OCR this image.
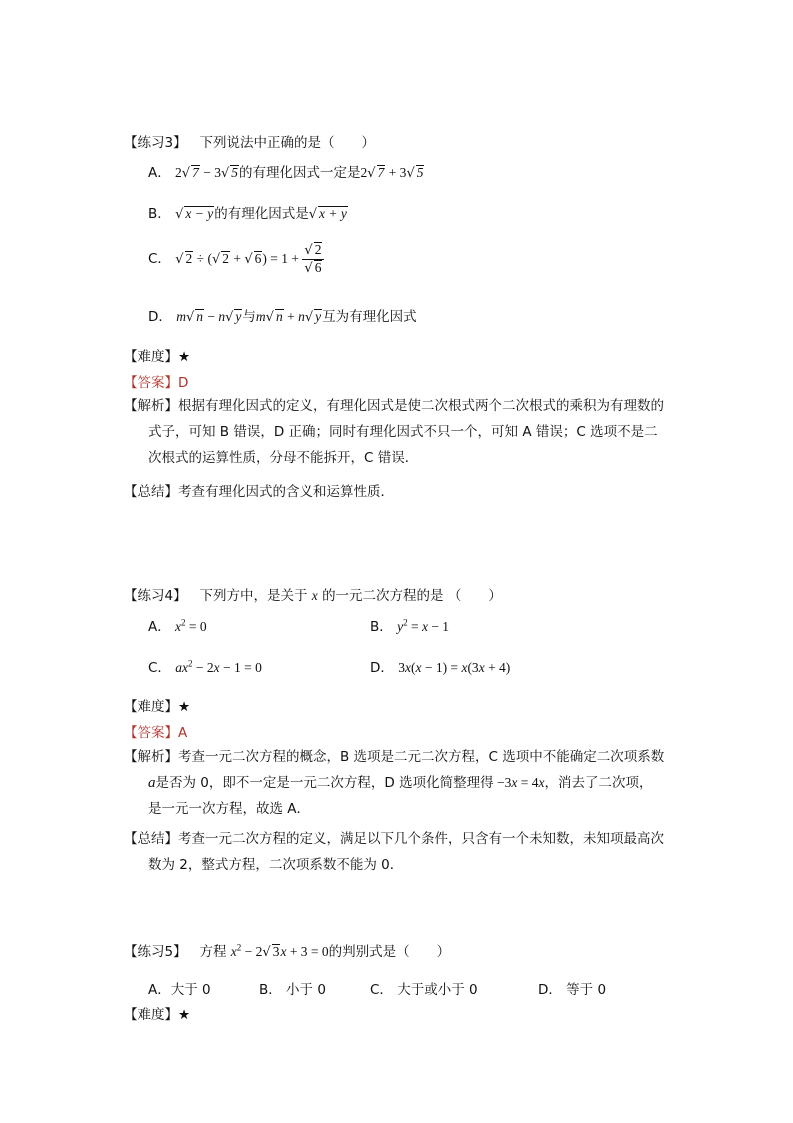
【练习3】 下列说法中正确的是（　　）
A． 2√ 7 − 3√ 5的有理化因式一定是2√ 7 + 3√ 5
B． √ x − y的有理化因式是√ x + y
C． √ 2 ÷ (√ 2 + √ $6) = 1 + \frac{√ 2}{√ 6}$
D． m√ n − n√ y与m√ n + n√ y互为有理化因式
【难度】★
【答案】D
【解析】根据有理化因式的定义，有理化因式是使二次根式两个二次根式的乘积为有理数的
式子，可知 B 错误，D 正确；同时有理化因式不只一个，可知 A 错误；C 选项不是二
次根式的运算性质，分母不能拆开，C 错误．
【总结】考查有理化因式的含义和运算性质．
【练习4】 下列方中，是关于 x 的一元二次方程的是 （　　）
A． $x^2 = 0$	B． $y^2 = x - 1$
C． $ax^2 - 2x - 1 = 0$	D． 3x(x − 1) = x(3x + 4)
【难度】★
【答案】A
【解析】考查一元二次方程的概念，B 选项是二元二次方程，C 选项中不能确定二次项系数
a是否为 0，即不一定是一元二次方程，D 选项化简整理得 −3x = 4x，消去了二次项，
是一元一次方程，故选 A．
【总结】考查一元二次方程的定义，满足以下几个条件，只含有一个未知数，未知项最高次
数为 2，整式方程，二次项系数不能为 0．
【练习5】 方程 $x^2 - 2√$ 3x + 3 = 0的判别式是（　　）
A．大于 0	B． 小于 0	C． 大于或小于 0	D． 等于 0
【难度】★
